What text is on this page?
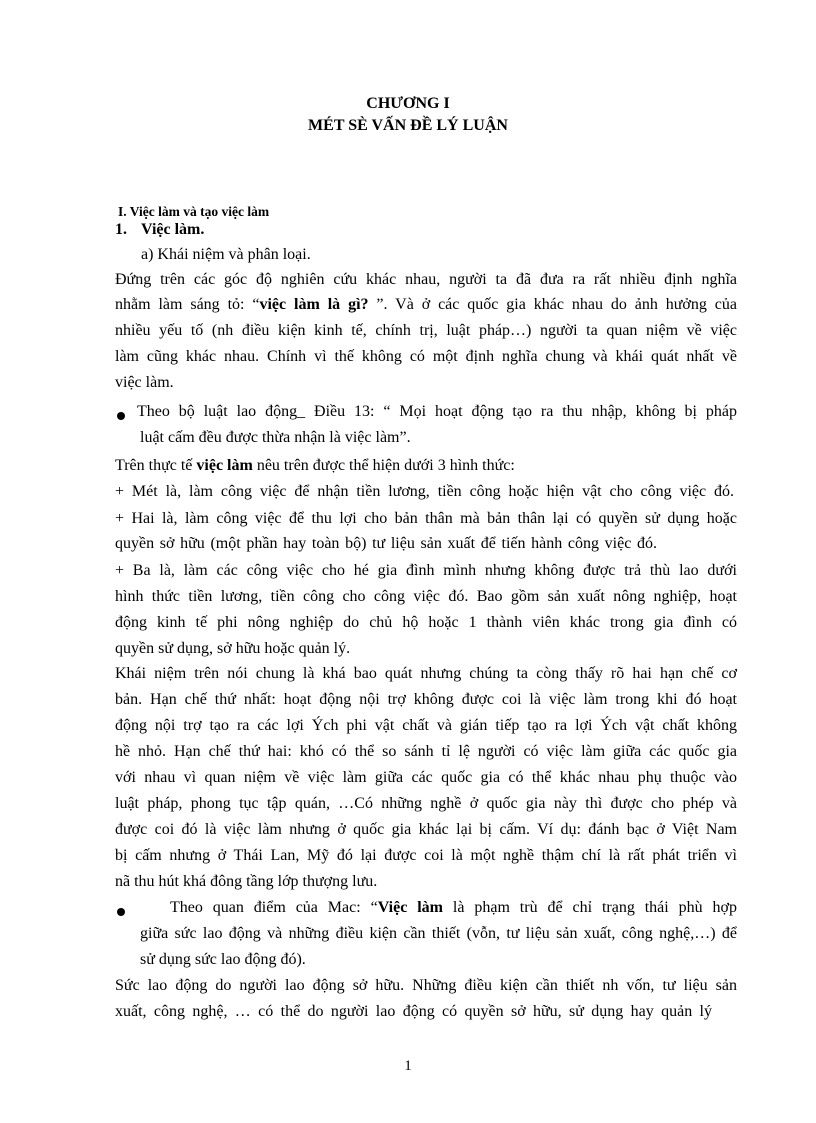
CHƯƠNG I

MÉT SÈ VẤN ĐỀ LÝ LUẬN

I. Việc làm và tạo việc làm

1. Việc làm.

a) Khái niệm và phân loại.

Đứng trên các góc độ nghiên cứu khác nhau, người ta đã đưa ra rất nhiều định nghĩa

nhằm làm sáng tỏ: “việc làm là gì? ”. Và ở các quốc gia khác nhau do ảnh hưởng của

nhiều yếu tố (nh điều kiện kinh tế, chính trị, luật pháp…) người ta quan niệm về việc

làm cũng khác nhau. Chính vì thế không có một định nghĩa chung và khái quát nhất về

việc làm.

Theo bộ luật lao động_ Điều 13: “ Mọi hoạt động tạo ra thu nhập, không bị pháp

luật cấm đều được thừa nhận là việc làm”.

Trên thực tế việc làm nêu trên được thể hiện dưới 3 hình thức:

+ Mét là, làm công việc để nhận tiền lương, tiền công hoặc hiện vật cho công việc đó.

+ Hai là, làm công việc để thu lợi cho bản thân mà bản thân lại có quyền sử dụng hoặc

quyền sở hữu (một phần hay toàn bộ) tư liệu sản xuất để tiến hành công việc đó.

+ Ba là, làm các công việc cho hé gia đình mình nhưng không được trả thù lao dưới

hình thức tiền lương, tiền công cho công việc đó. Bao gồm sản xuất nông nghiệp, hoạt

động kinh tế phi nông nghiệp do chủ hộ hoặc 1 thành viên khác trong gia đình có

quyền sử dụng, sở hữu hoặc quản lý.

Khái niệm trên nói chung là khá bao quát nhưng chúng ta còng thấy rõ hai hạn chế cơ

bản. Hạn chế thứ nhất: hoạt động nội trợ không được coi là việc làm trong khi đó hoạt

động nội trợ tạo ra các lợi Ých phi vật chất và gián tiếp tạo ra lợi Ých vật chất không

hề nhỏ. Hạn chế thứ hai: khó có thể so sánh tỉ lệ người có việc làm giữa các quốc gia

với nhau vì quan niệm về việc làm giữa các quốc gia có thể khác nhau phụ thuộc vào

luật pháp, phong tục tập quán, …Có những nghề ở quốc gia này thì được cho phép và

được coi đó là việc làm nhưng ở quốc gia khác lại bị cấm. Ví dụ: đánh bạc ở Việt Nam

bị cấm nhưng ở Thái Lan, Mỹ đó lại được coi là một nghề thậm chí là rất phát triển vì

nã thu hút khá đông tầng lớp thượng lưu.

Theo quan điểm của Mac: “Việc làm là phạm trù để chỉ trạng thái phù hợp

giữa sức lao động và những điều kiện cần thiết (vỗn, tư liệu sản xuất, công nghệ,…) để

sử dụng sức lao động đó).

Sức lao động do người lao động sở hữu. Những điều kiện cần thiết nh vốn, tư liệu sản

xuất, công nghệ, … có thể do người lao động có quyền sở hữu, sử dụng hay quản lý

1
